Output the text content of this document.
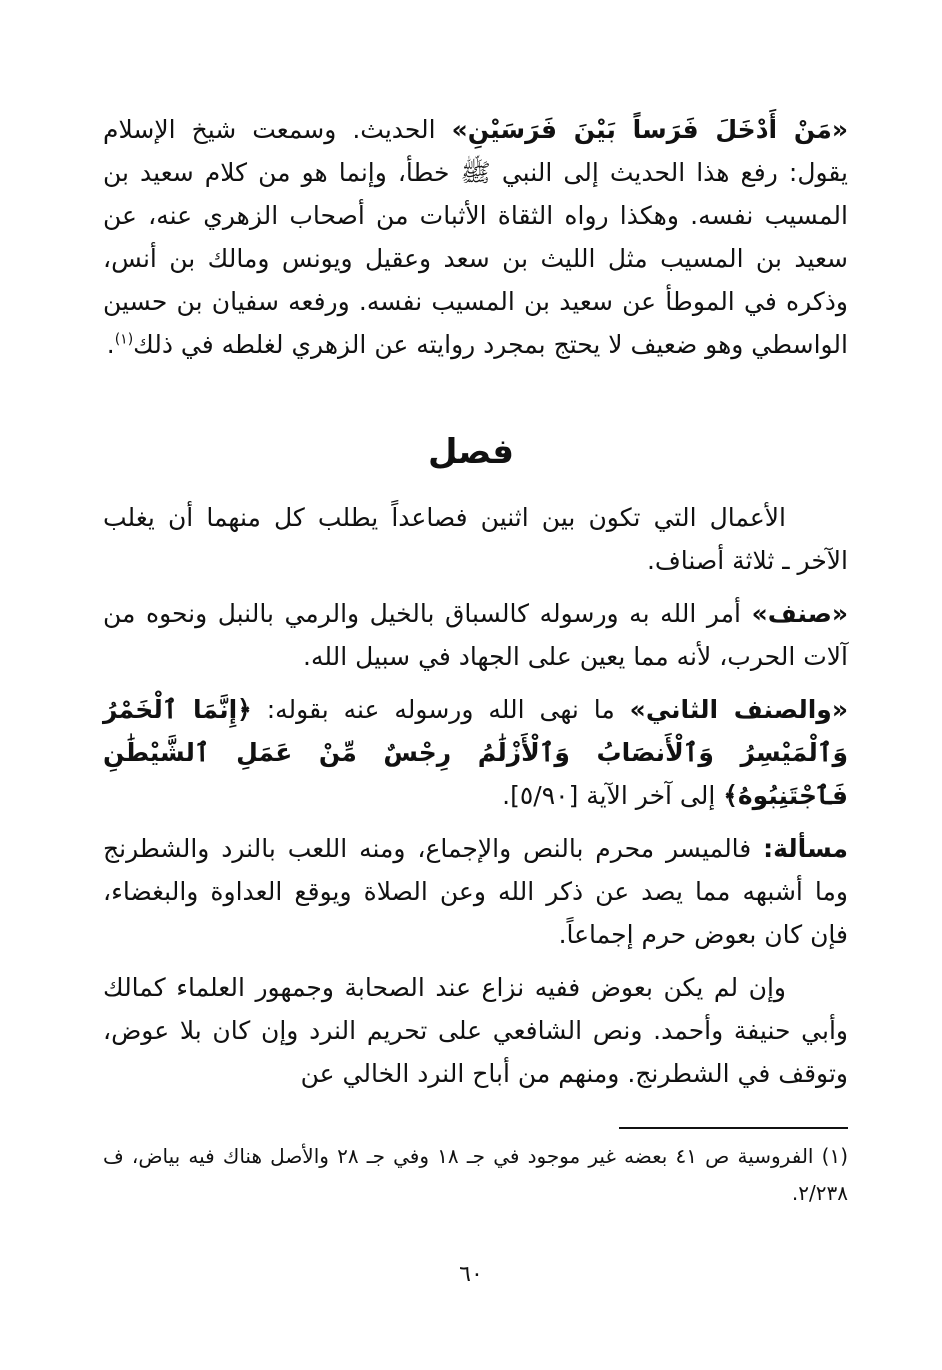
«مَنْ أَدْخَلَ فَرَساً بَيْنَ فَرَسَيْنِ» الحديث. وسمعت شيخ الإسلام يقول: رفع هذا الحديث إلى النبي ﷺ خطأ، وإنما هو من كلام سعيد بن المسيب نفسه. وهكذا رواه الثقاة الأثبات من أصحاب الزهري عنه، عن سعيد بن المسيب مثل الليث بن سعد وعقيل ويونس ومالك بن أنس، وذكره في الموطأ عن سعيد بن المسيب نفسه. ورفعه سفيان بن حسين الواسطي وهو ضعيف لا يحتج بمجرد روايته عن الزهري لغلطه في ذلك$^{(١)}$.

فصل

الأعمال التي تكون بين اثنين فصاعداً يطلب كل منهما أن يغلب الآخر ـ ثلاثة أصناف.

«صنف» أمر الله به ورسوله كالسباق بالخيل والرمي بالنبل ونحوه من آلات الحرب، لأنه مما يعين على الجهاد في سبيل الله.

«والصنف الثاني» ما نهى الله ورسوله عنه بقوله: ﴿إِنَّمَا ٱلْخَمْرُ وَٱلْمَيْسِرُ وَٱلْأَنصَابُ وَٱلْأَزْلَٰمُ رِجْسٌ مِّنْ عَمَلِ ٱلشَّيْطَٰنِ فَٱجْتَنِبُوهُ﴾ إلى آخر الآية [٥/٩٠].

مسألة: فالميسر محرم بالنص والإجماع، ومنه اللعب بالنرد والشطرنج وما أشبهه مما يصد عن ذكر الله وعن الصلاة ويوقع العداوة والبغضاء، فإن كان بعوض حرم إجماعاً.

وإن لم يكن بعوض ففيه نزاع عند الصحابة وجمهور العلماء كمالك وأبي حنيفة وأحمد. ونص الشافعي على تحريم النرد وإن كان بلا عوض، وتوقف في الشطرنج. ومنهم من أباح النرد الخالي عن

(١) الفروسية ص ٤١ بعضه غير موجود في جـ ١٨ وفي جـ ٢٨ والأصل هناك فيه بياض، ف ٢/٢٣٨.

٦٠
